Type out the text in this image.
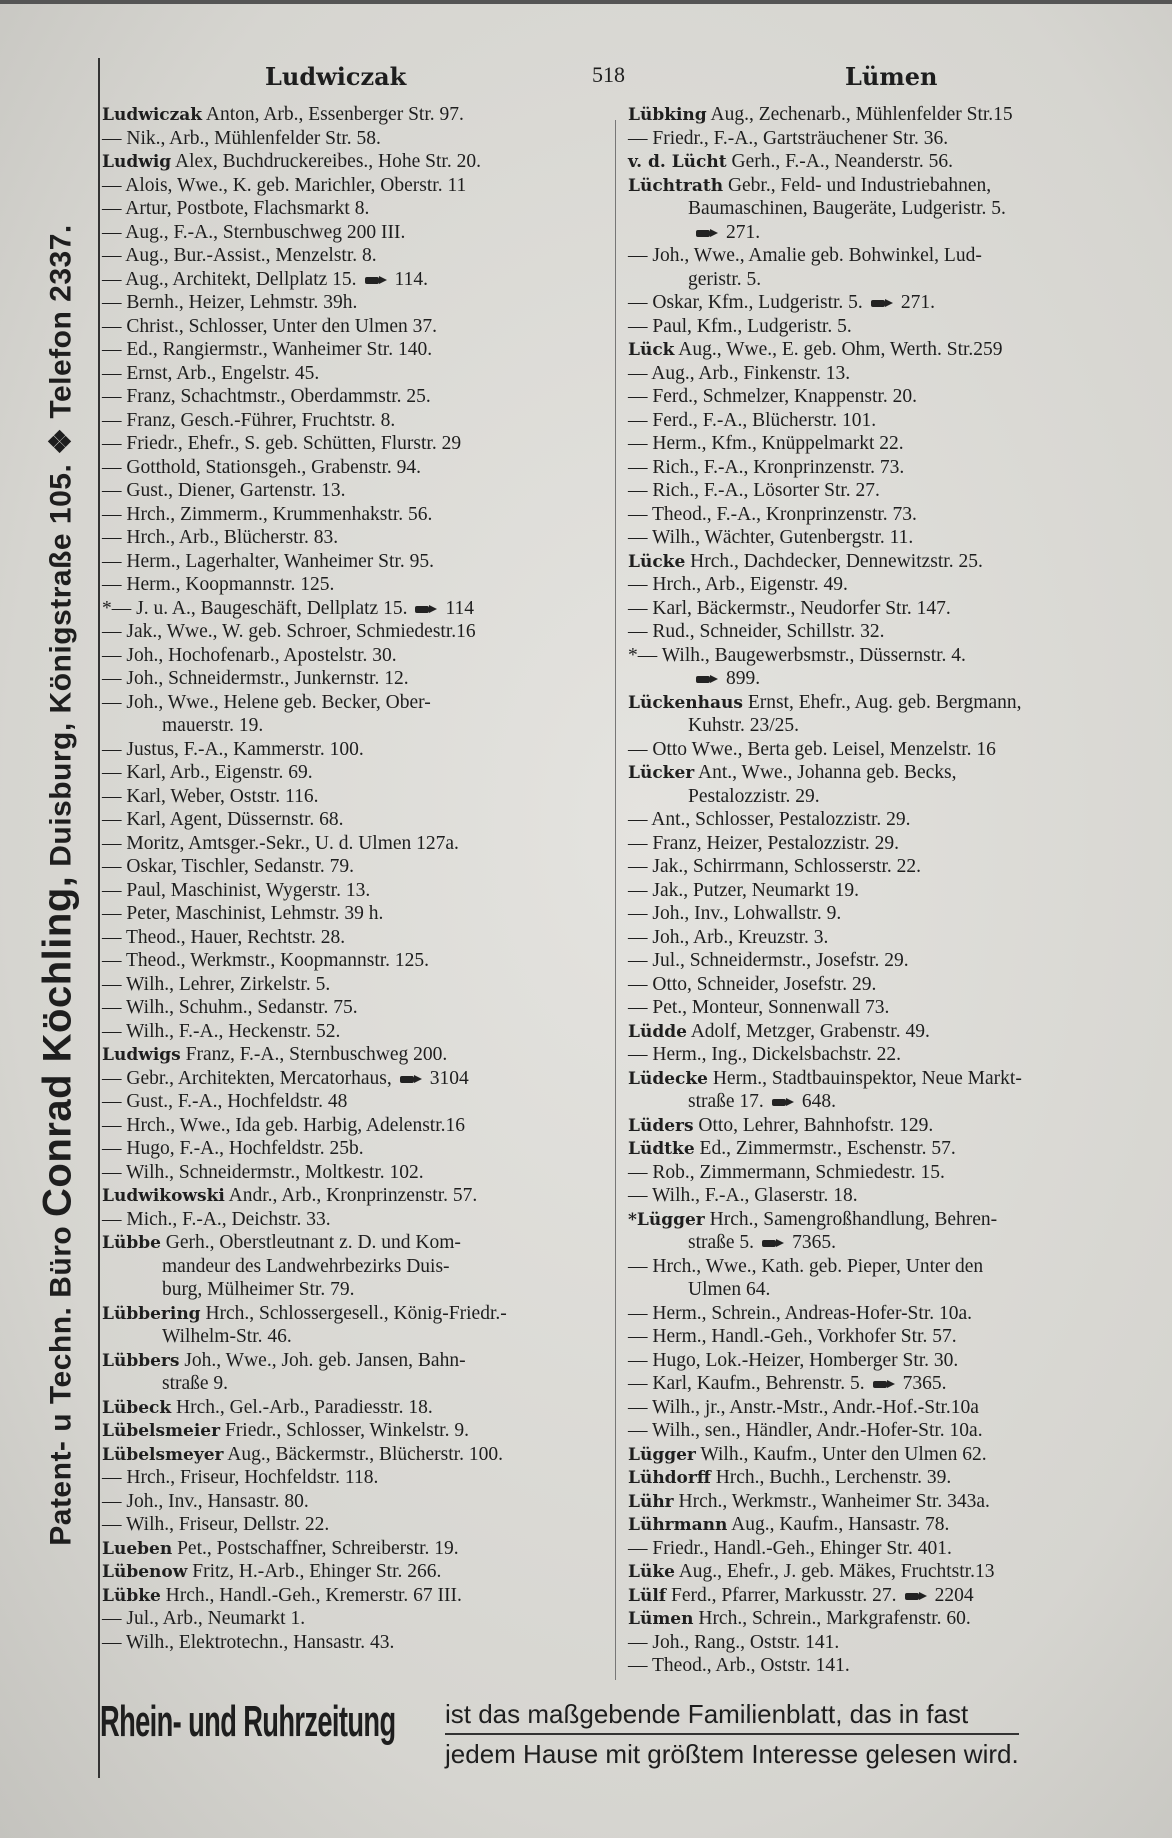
Patent- u Techn. Büro Conrad Köchling, Duisburg, Königstraße 105. ❖ Telefon 2337.
Ludwiczak	518	Lümen
Ludwiczak Anton, Arb., Essenberger Str. 97.
— Nik., Arb., Mühlenfelder Str. 58.
Ludwig Alex, Buchdruckereibes., Hohe Str. 20.
— Alois, Wwe., K. geb. Marichler, Oberstr. 11
— Artur, Postbote, Flachsmarkt 8.
— Aug., F.-A., Sternbuschweg 200 III.
— Aug., Bur.-Assist., Menzelstr. 8.
— Aug., Architekt, Dellplatz 15. 114.
— Bernh., Heizer, Lehmstr. 39h.
— Christ., Schlosser, Unter den Ulmen 37.
— Ed., Rangiermstr., Wanheimer Str. 140.
— Ernst, Arb., Engelstr. 45.
— Franz, Schachtmstr., Oberdammstr. 25.
— Franz, Gesch.-Führer, Fruchtstr. 8.
— Friedr., Ehefr., S. geb. Schütten, Flurstr. 29
— Gotthold, Stationsgeh., Grabenstr. 94.
— Gust., Diener, Gartenstr. 13.
— Hrch., Zimmerm., Krummenhakstr. 56.
— Hrch., Arb., Blücherstr. 83.
— Herm., Lagerhalter, Wanheimer Str. 95.
— Herm., Koopmannstr. 125.
*— J. u. A., Baugeschäft, Dellplatz 15. 114
— Jak., Wwe., W. geb. Schroer, Schmiedestr.16
— Joh., Hochofenarb., Apostelstr. 30.
— Joh., Schneidermstr., Junkernstr. 12.
— Joh., Wwe., Helene geb. Becker, Ober-
mauerstr. 19.
— Justus, F.-A., Kammerstr. 100.
— Karl, Arb., Eigenstr. 69.
— Karl, Weber, Oststr. 116.
— Karl, Agent, Düssernstr. 68.
— Moritz, Amtsger.-Sekr., U. d. Ulmen 127a.
— Oskar, Tischler, Sedanstr. 79.
— Paul, Maschinist, Wygerstr. 13.
— Peter, Maschinist, Lehmstr. 39 h.
— Theod., Hauer, Rechtstr. 28.
— Theod., Werkmstr., Koopmannstr. 125.
— Wilh., Lehrer, Zirkelstr. 5.
— Wilh., Schuhm., Sedanstr. 75.
— Wilh., F.-A., Heckenstr. 52.
Ludwigs Franz, F.-A., Sternbuschweg 200.
— Gebr., Architekten, Mercatorhaus, 3104
— Gust., F.-A., Hochfeldstr. 48
— Hrch., Wwe., Ida geb. Harbig, Adelenstr.16
— Hugo, F.-A., Hochfeldstr. 25b.
— Wilh., Schneidermstr., Moltkestr. 102.
Ludwikowski Andr., Arb., Kronprinzenstr. 57.
— Mich., F.-A., Deichstr. 33.
Lübbe Gerh., Oberstleutnant z. D. und Kom-
mandeur des Landwehrbezirks Duis-
burg, Mülheimer Str. 79.
Lübbering Hrch., Schlossergesell., König-Friedr.-
Wilhelm-Str. 46.
Lübbers Joh., Wwe., Joh. geb. Jansen, Bahn-
straße 9.
Lübeck Hrch., Gel.-Arb., Paradiesstr. 18.
Lübelsmeier Friedr., Schlosser, Winkelstr. 9.
Lübelsmeyer Aug., Bäckermstr., Blücherstr. 100.
— Hrch., Friseur, Hochfeldstr. 118.
— Joh., Inv., Hansastr. 80.
— Wilh., Friseur, Dellstr. 22.
Lueben Pet., Postschaffner, Schreiberstr. 19.
Lübenow Fritz, H.-Arb., Ehinger Str. 266.
Lübke Hrch., Handl.-Geh., Kremerstr. 67 III.
— Jul., Arb., Neumarkt 1.
— Wilh., Elektrotechn., Hansastr. 43.
Lübking Aug., Zechenarb., Mühlenfelder Str.15
— Friedr., F.-A., Gartsträuchener Str. 36.
v. d. Lücht Gerh., F.-A., Neanderstr. 56.
Lüchtrath Gebr., Feld- und Industriebahnen,
Baumaschinen, Baugeräte, Ludgeristr. 5.
271.
— Joh., Wwe., Amalie geb. Bohwinkel, Lud-
geristr. 5.
— Oskar, Kfm., Ludgeristr. 5. 271.
— Paul, Kfm., Ludgeristr. 5.
Lück Aug., Wwe., E. geb. Ohm, Werth. Str.259
— Aug., Arb., Finkenstr. 13.
— Ferd., Schmelzer, Knappenstr. 20.
— Ferd., F.-A., Blücherstr. 101.
— Herm., Kfm., Knüppelmarkt 22.
— Rich., F.-A., Kronprinzenstr. 73.
— Rich., F.-A., Lösorter Str. 27.
— Theod., F.-A., Kronprinzenstr. 73.
— Wilh., Wächter, Gutenbergstr. 11.
Lücke Hrch., Dachdecker, Dennewitzstr. 25.
— Hrch., Arb., Eigenstr. 49.
— Karl, Bäckermstr., Neudorfer Str. 147.
— Rud., Schneider, Schillstr. 32.
*— Wilh., Baugewerbsmstr., Düssernstr. 4.
899.
Lückenhaus Ernst, Ehefr., Aug. geb. Bergmann,
Kuhstr. 23/25.
— Otto Wwe., Berta geb. Leisel, Menzelstr. 16
Lücker Ant., Wwe., Johanna geb. Becks,
Pestalozzistr. 29.
— Ant., Schlosser, Pestalozzistr. 29.
— Franz, Heizer, Pestalozzistr. 29.
— Jak., Schirrmann, Schlosserstr. 22.
— Jak., Putzer, Neumarkt 19.
— Joh., Inv., Lohwallstr. 9.
— Joh., Arb., Kreuzstr. 3.
— Jul., Schneidermstr., Josefstr. 29.
— Otto, Schneider, Josefstr. 29.
— Pet., Monteur, Sonnenwall 73.
Lüdde Adolf, Metzger, Grabenstr. 49.
— Herm., Ing., Dickelsbachstr. 22.
Lüdecke Herm., Stadtbauinspektor, Neue Markt-
straße 17. 648.
Lüders Otto, Lehrer, Bahnhofstr. 129.
Lüdtke Ed., Zimmermstr., Eschenstr. 57.
— Rob., Zimmermann, Schmiedestr. 15.
— Wilh., F.-A., Glaserstr. 18.
*Lügger Hrch., Samengroßhandlung, Behren-
straße 5. 7365.
— Hrch., Wwe., Kath. geb. Pieper, Unter den
Ulmen 64.
— Herm., Schrein., Andreas-Hofer-Str. 10a.
— Herm., Handl.-Geh., Vorkhofer Str. 57.
— Hugo, Lok.-Heizer, Homberger Str. 30.
— Karl, Kaufm., Behrenstr. 5. 7365.
— Wilh., jr., Anstr.-Mstr., Andr.-Hof.-Str.10a
— Wilh., sen., Händler, Andr.-Hofer-Str. 10a.
Lügger Wilh., Kaufm., Unter den Ulmen 62.
Lühdorff Hrch., Buchh., Lerchenstr. 39.
Lühr Hrch., Werkmstr., Wanheimer Str. 343a.
Lührmann Aug., Kaufm., Hansastr. 78.
— Friedr., Handl.-Geh., Ehinger Str. 401.
Lüke Aug., Ehefr., J. geb. Mäkes, Fruchtstr.13
Lülf Ferd., Pfarrer, Markusstr. 27. 2204
Lümen Hrch., Schrein., Markgrafenstr. 60.
— Joh., Rang., Oststr. 141.
— Theod., Arb., Oststr. 141.
Rhein- und Ruhrzeitung ist das maßgebende Familienblatt, das in fast
jedem Hause mit größtem Interesse gelesen wird.
